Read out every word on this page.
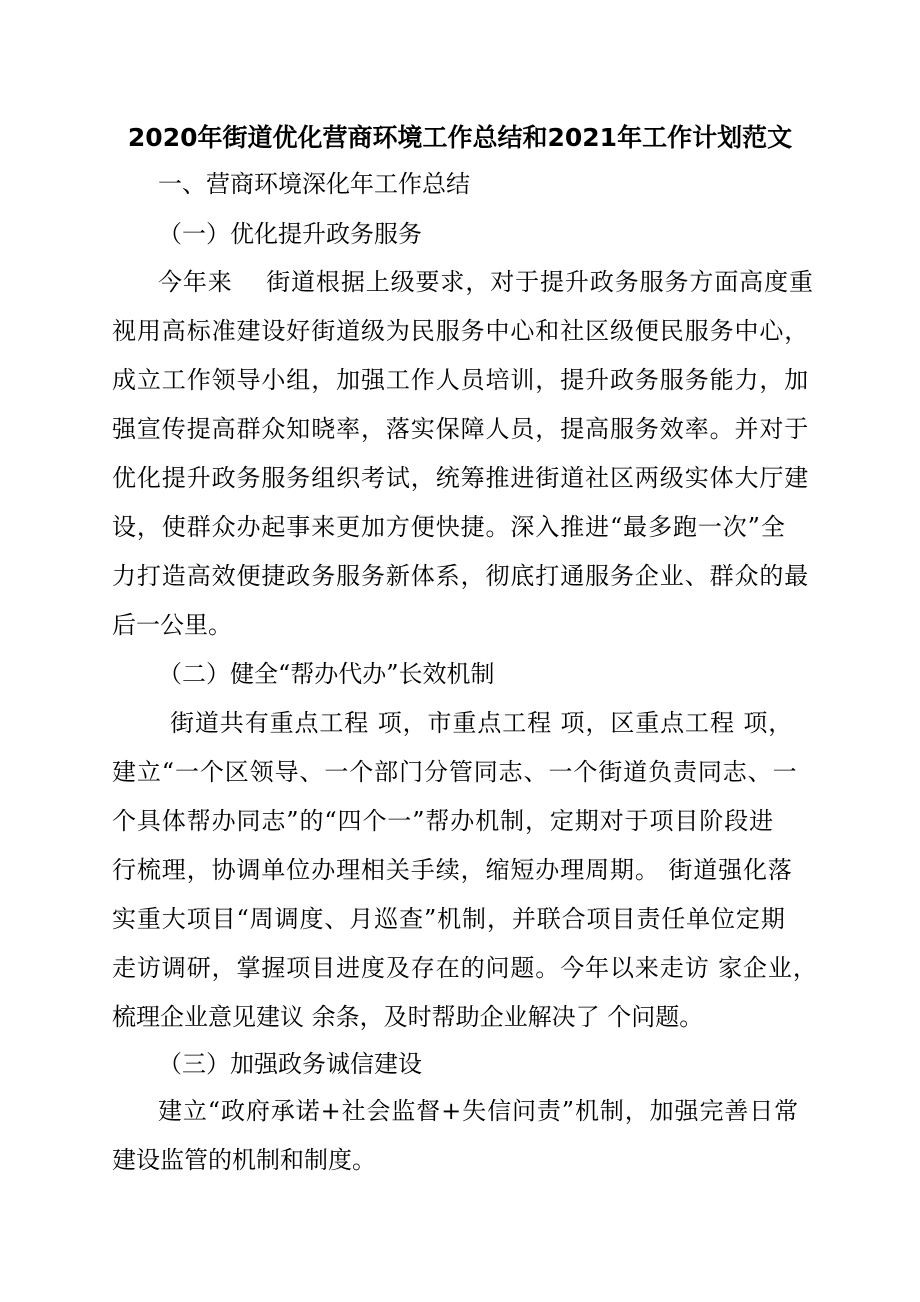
2020年街道优化营商环境工作总结和2021年工作计划范文
一、营商环境深化年工作总结
（一）优化提升政务服务
今年来　 街道根据上级要求，对于提升政务服务方面高度重
视用高标准建设好街道级为民服务中心和社区级便民服务中心，
成立工作领导小组，加强工作人员培训，提升政务服务能力，加
强宣传提高群众知晓率，落实保障人员，提高服务效率。并对于
优化提升政务服务组织考试，统筹推进街道社区两级实体大厅建
设，使群众办起事来更加方便快捷。深入推进“最多跑一次”全
力打造高效便捷政务服务新体系，彻底打通服务企业、群众的最
后一公里。
（二）健全“帮办代办”长效机制
街道共有重点工程 项，市重点工程 项，区重点工程 项，
建立“一个区领导、一个部门分管同志、一个街道负责同志、一
个具体帮办同志”的“四个一”帮办机制，定期对于项目阶段进
行梳理，协调单位办理相关手续，缩短办理周期。 街道强化落
实重大项目“周调度、月巡查”机制，并联合项目责任单位定期
走访调研，掌握项目进度及存在的问题。今年以来走访 家企业，
梳理企业意见建议 余条，及时帮助企业解决了 个问题。
（三）加强政务诚信建设
建立“政府承诺+社会监督+失信问责”机制，加强完善日常
建设监管的机制和制度。
